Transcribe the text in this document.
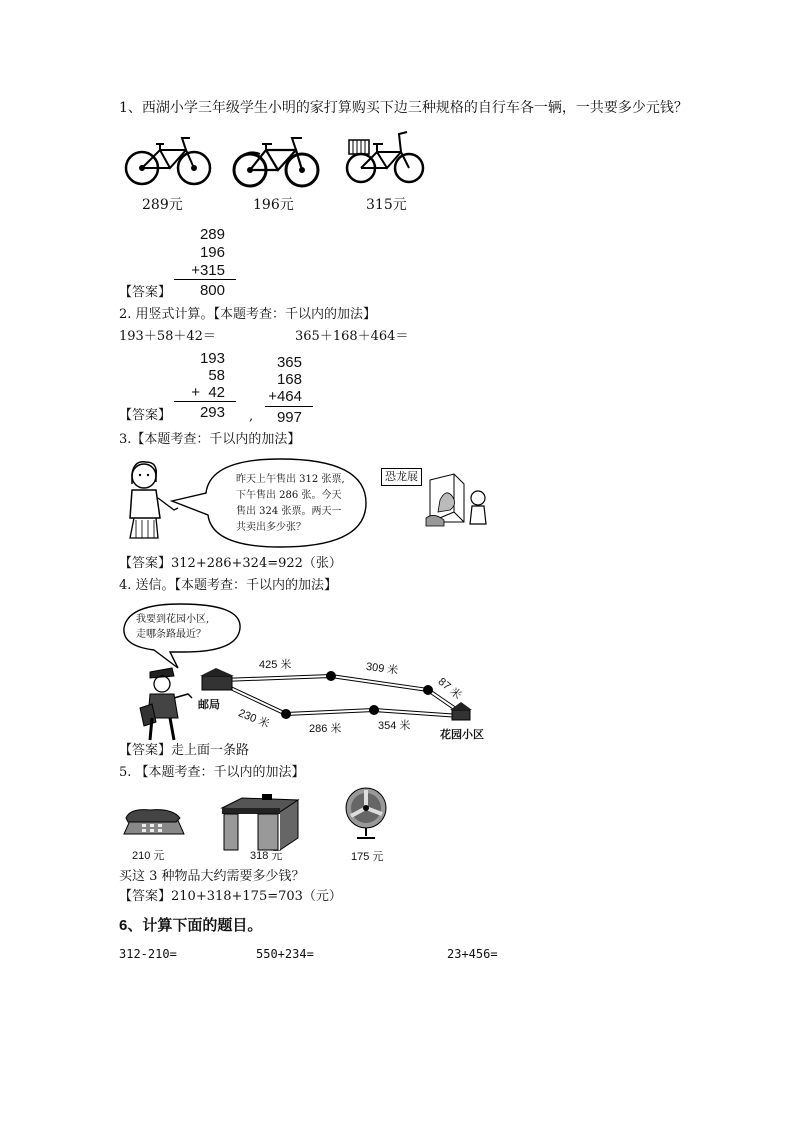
1、西湖小学三年级学生小明的家打算购买下边三种规格的自行车各一辆，一共要多少元钱？
289元	196元	315元
289
196
+315
【答案】	800
2. 用竖式计算。【本题考查：千以内的加法】
193＋58＋42＝	365＋168＋464＝
193
58
+  42
293
【答案】	,
365
168
+464
997
3.【本题考查：千以内的加法】
昨天上午售出 312 张票,
下午售出 286 张。今天
售出 324 张票。两天一
共卖出多少张？
恐龙展
【答案】312+286+324=922（张）
4. 送信。【本题考查：千以内的加法】
我要到花园小区,
走哪条路最近？
425 米	309 米
87 米
230 米	286 米	354 米
邮局
花园小区
【答案】走上面一条路
5. 【本题考查：千以内的加法】
210 元	318 元	175 元
买这 3 种物品大约需要多少钱？
【答案】210+318+175=703（元）
6、计算下面的题目。
312-210=	550+234=	23+456=
